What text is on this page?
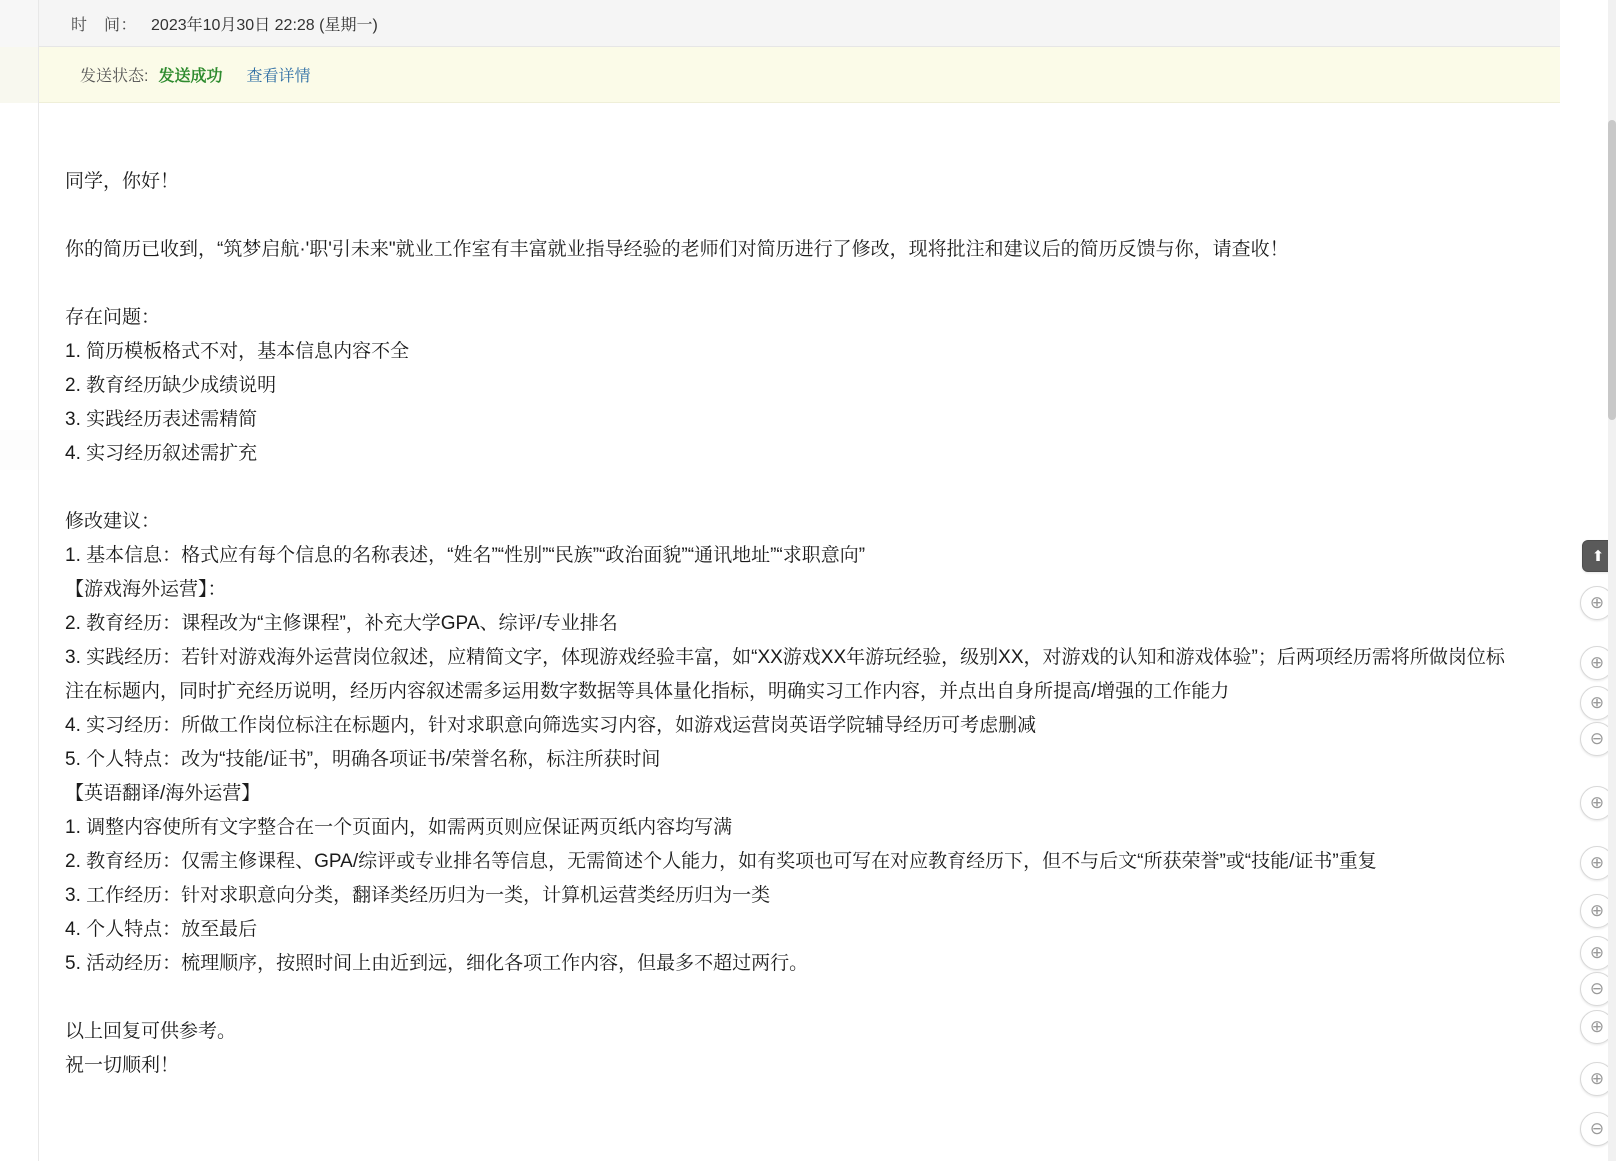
时　间： 2023年10月30日 22:28 (星期一)
发送状态: 发送成功 查看详情

同学，你好！

你的简历已收到，“筑梦启航·'职'引未来"就业工作室有丰富就业指导经验的老师们对简历进行了修改，现将批注和建议后的简历反馈与你，请查收！

存在问题：

1. 简历模板格式不对，基本信息内容不全

2. 教育经历缺少成绩说明

3. 实践经历表述需精简

4. 实习经历叙述需扩充

修改建议：

1. 基本信息：格式应有每个信息的名称表述，“姓名”“性别”“民族”“政治面貌”“通讯地址”“求职意向”

【游戏海外运营】：

2. 教育经历：课程改为“主修课程”，补充大学GPA、综评/专业排名

3. 实践经历：若针对游戏海外运营岗位叙述，应精简文字，体现游戏经验丰富，如“XX游戏XX年游玩经验，级别XX，对游戏的认知和游戏体验”；后两项经历需将所做岗位标注在标题内，同时扩充经历说明，经历内容叙述需多运用数字数据等具体量化指标，明确实习工作内容，并点出自身所提高/增强的工作能力

4. 实习经历：所做工作岗位标注在标题内，针对求职意向筛选实习内容，如游戏运营岗英语学院辅导经历可考虑删减

5. 个人特点：改为“技能/证书”，明确各项证书/荣誉名称，标注所获时间

【英语翻译/海外运营】

1. 调整内容使所有文字整合在一个页面内，如需两页则应保证两页纸内容均写满

2. 教育经历：仅需主修课程、GPA/综评或专业排名等信息，无需简述个人能力，如有奖项也可写在对应教育经历下，但不与后文“所获荣誉”或“技能/证书”重复

3. 工作经历：针对求职意向分类，翻译类经历归为一类，计算机运营类经历归为一类

4. 个人特点：放至最后

5. 活动经历：梳理顺序，按照时间上由近到远，细化各项工作内容，但最多不超过两行。

以上回复可供参考。

祝一切顺利！

⬆
⊕
⊕
⊕
⊖
⊕
⊕
⊕
⊕
⊖
⊕
⊕
⊖
